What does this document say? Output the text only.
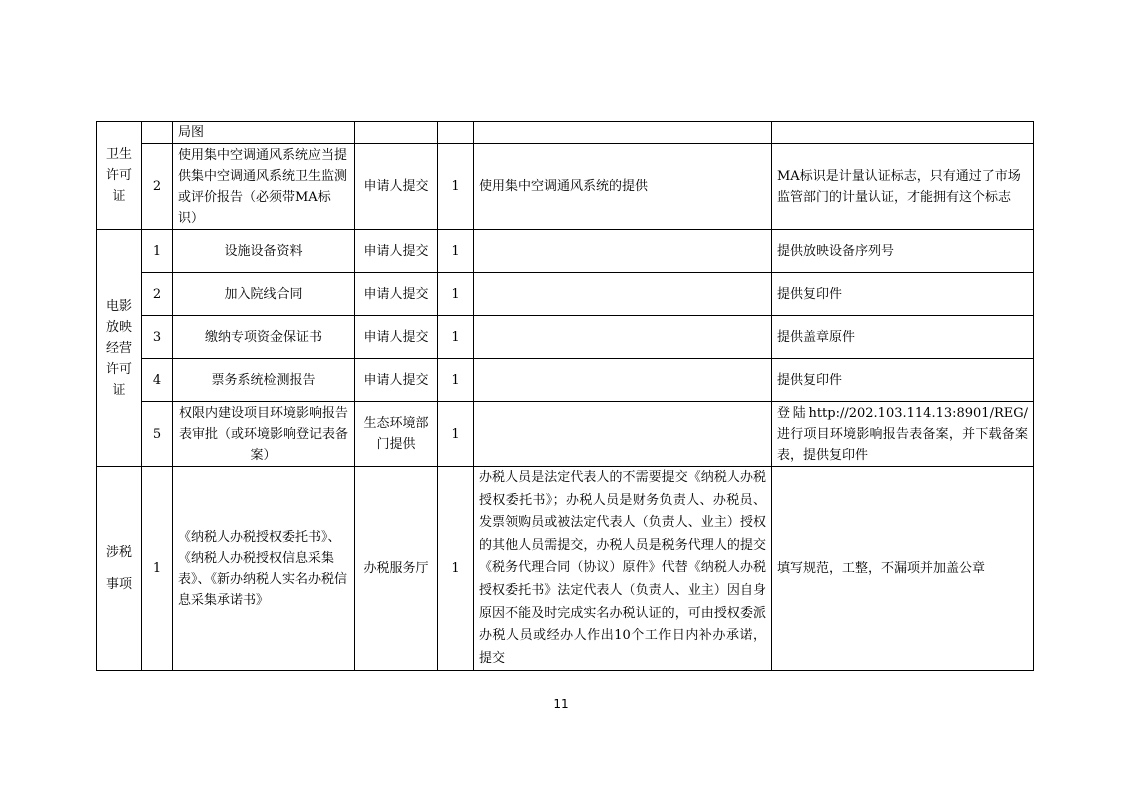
卫生
许可
证		局图				
	2	使用集中空调通风系统应当提供集中空调通风系统卫生监测或评价报告（必须带MA标识）	申请人提交	1	使用集中空调通风系统的提供	MA标识是计量认证标志，只有通过了市场监管部门的计量认证，才能拥有这个标志

电影
放映
经营
许可
证	1	设施设备资料	申请人提交	1		提供放映设备序列号
	2	加入院线合同	申请人提交	1		提供复印件
	3	缴纳专项资金保证书	申请人提交	1		提供盖章原件
	4	票务系统检测报告	申请人提交	1		提供复印件
	5	权限内建设项目环境影响报告表审批（或环境影响登记表备案）	生态环境部门提供	1		登陆http://202.103.114.13:8901/REG/进行项目环境影响报告表备案，并下载备案表，提供复印件

涉税
事项	1	《纳税人办税授权委托书》、《纳税人办税授权信息采集表》、《新办纳税人实名办税信息采集承诺书》	办税服务厅	1	办税人员是法定代表人的不需要提交《纳税人办税授权委托书》；办税人员是财务负责人、办税员、发票领购员或被法定代表人（负责人、业主）授权的其他人员需提交，办税人员是税务代理人的提交《税务代理合同（协议）原件》代替《纳税人办税授权委托书》法定代表人（负责人、业主）因自身原因不能及时完成实名办税认证的，可由授权委派办税人员或经办人作出10个工作日内补办承诺，提交	填写规范，工整，不漏项并加盖公章
11
